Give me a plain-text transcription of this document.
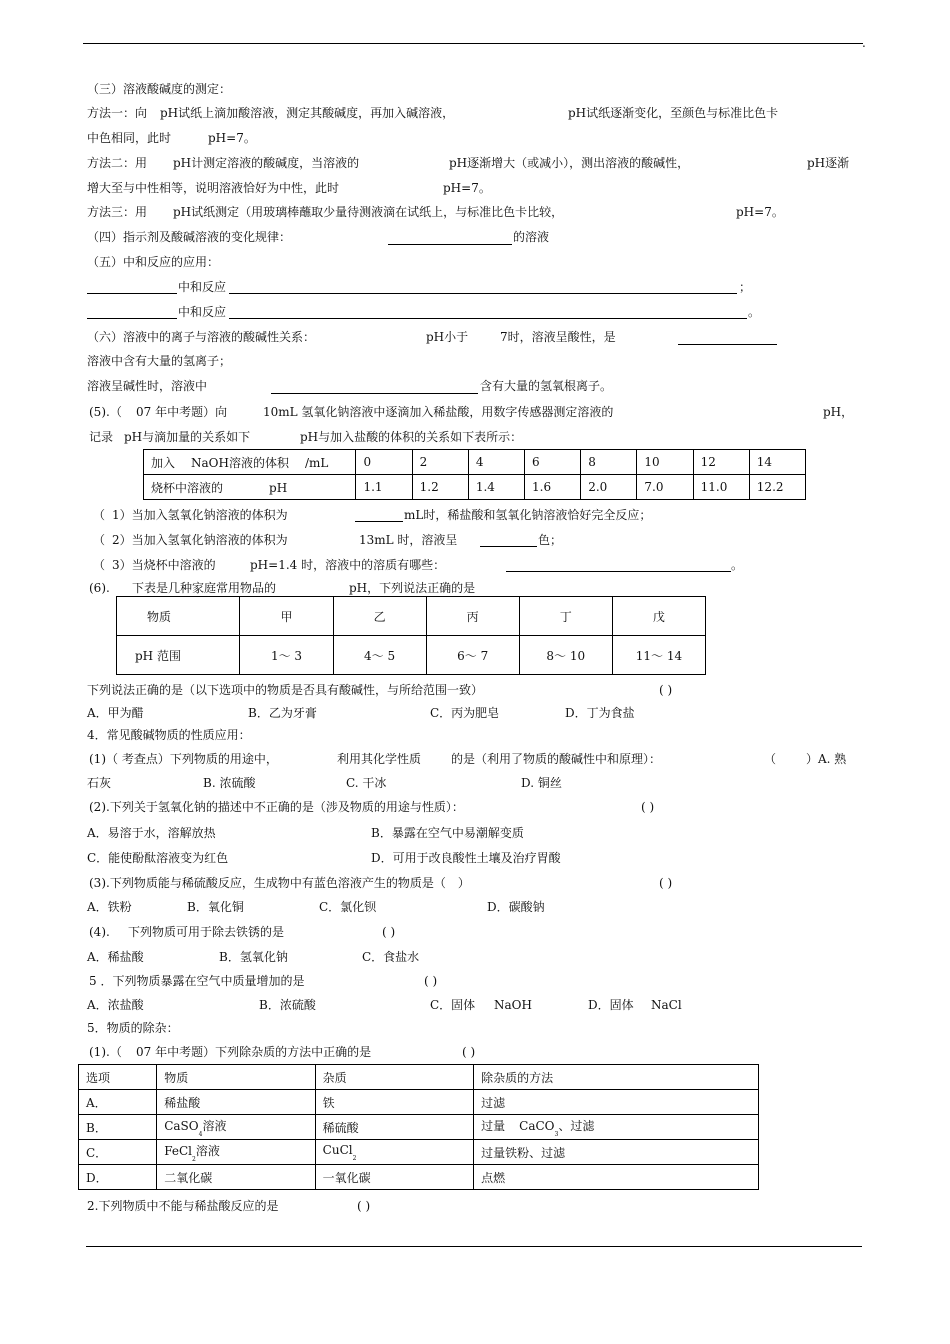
.
（三）溶液酸碱度的测定：
方法一：向 pH试纸上滴加酸溶液，测定其酸碱度，再加入碱溶液，	pH试纸逐渐变化，至颜色与标准比色卡
中色相同，此时	pH=7。
方法二：用 pH计测定溶液的酸碱度，当溶液的	pH逐渐增大（或减小），测出溶液的酸碱性，	pH逐渐
增大至与中性相等，说明溶液恰好为中性，此时	pH=7。
方法三：用 pH试纸测定（用玻璃棒蘸取少量待测液滴在试纸上，与标准比色卡比较，	pH=7。
（四）指示剂及酸碱溶液的变化规律：	的溶液
（五）中和反应的应用：
中和反应	；
中和反应	。
（六）溶液中的离子与溶液的酸碱性关系：	pH小于	7时，溶液呈酸性，是
溶液中含有大量的氢离子；
溶液呈碱性时，溶液中	含有大量的氢氧根离子。
(5).（ 07 年中考题）向	10mL 氢氧化钠溶液中逐滴加入稀盐酸，用数字传感器测定溶液的	pH，
记录 pH与滴加量的关系如下	pH与加入盐酸的体积的关系如下表所示：
加入 NaOH溶液的体积 /mL	0	2	4	6	8	10	12	14
烧杯中溶液的 pH	1.1	1.2	1.4	1.6	2.0	7.0	11.0	12.2
（ 1）当加入氢氧化钠溶液的体积为	mL时，稀盐酸和氢氧化钠溶液恰好完全反应；
（ 2）当加入氢氧化钠溶液的体积为	13mL 时，溶液呈	色；
（ 3）当烧杯中溶液的	pH=1.4 时，溶液中的溶质有哪些：	。
(6). 下表是几种家庭常用物品的	pH，下列说法正确的是
物质	甲	乙	丙	丁	戊
pH 范围	1～ 3	4～ 5	6～ 7	8～ 10	11～ 14
下列说法正确的是（以下选项中的物质是否具有酸碱性，与所给范围一致）	( )
A．甲为醋	B．乙为牙膏	C．丙为肥皂	D．丁为食盐
4．常见酸碱物质的性质应用：
(1)（ 考查点）下列物质的用途中，	利用其化学性质 的是（利用了物质的酸碱性中和原理）：	（ ）A. 熟
石灰	B. 浓硫酸	C. 干冰	D. 铜丝
(2).下列关于氢氧化钠的描述中不正确的是（涉及物质的用途与性质）：	( )
A．易溶于水，溶解放热	B．暴露在空气中易潮解变质
C．能使酚酞溶液变为红色	D．可用于改良酸性土壤及治疗胃酸
(3).下列物质能与稀硫酸反应，生成物中有蓝色溶液产生的物质是（　）	( )
A．铁粉	B．氧化铜	C．氯化钡	D．碳酸钠
(4). 下列物质可用于除去铁锈的是	( )
A．稀盐酸	B．氢氧化钠	C．食盐水
5 ．下列物质暴露在空气中质量增加的是	( )
A．浓盐酸	B．浓硫酸	C．固体 NaOH	D．固体 NaCl
5．物质的除杂：
(1).（ 07 年中考题）下列除杂质的方法中正确的是	( )
选项	物质	杂质	除杂质的方法
A．	稀盐酸	铁	过滤
B．	CaSO$_4$溶液	稀硫酸	过量 CaCO$_3$、过滤
C．	FeCl$_2$溶液	CuCl$_2$	过量铁粉、过滤
D．	二氧化碳	一氧化碳	点燃
2.下列物质中不能与稀盐酸反应的是	( )
